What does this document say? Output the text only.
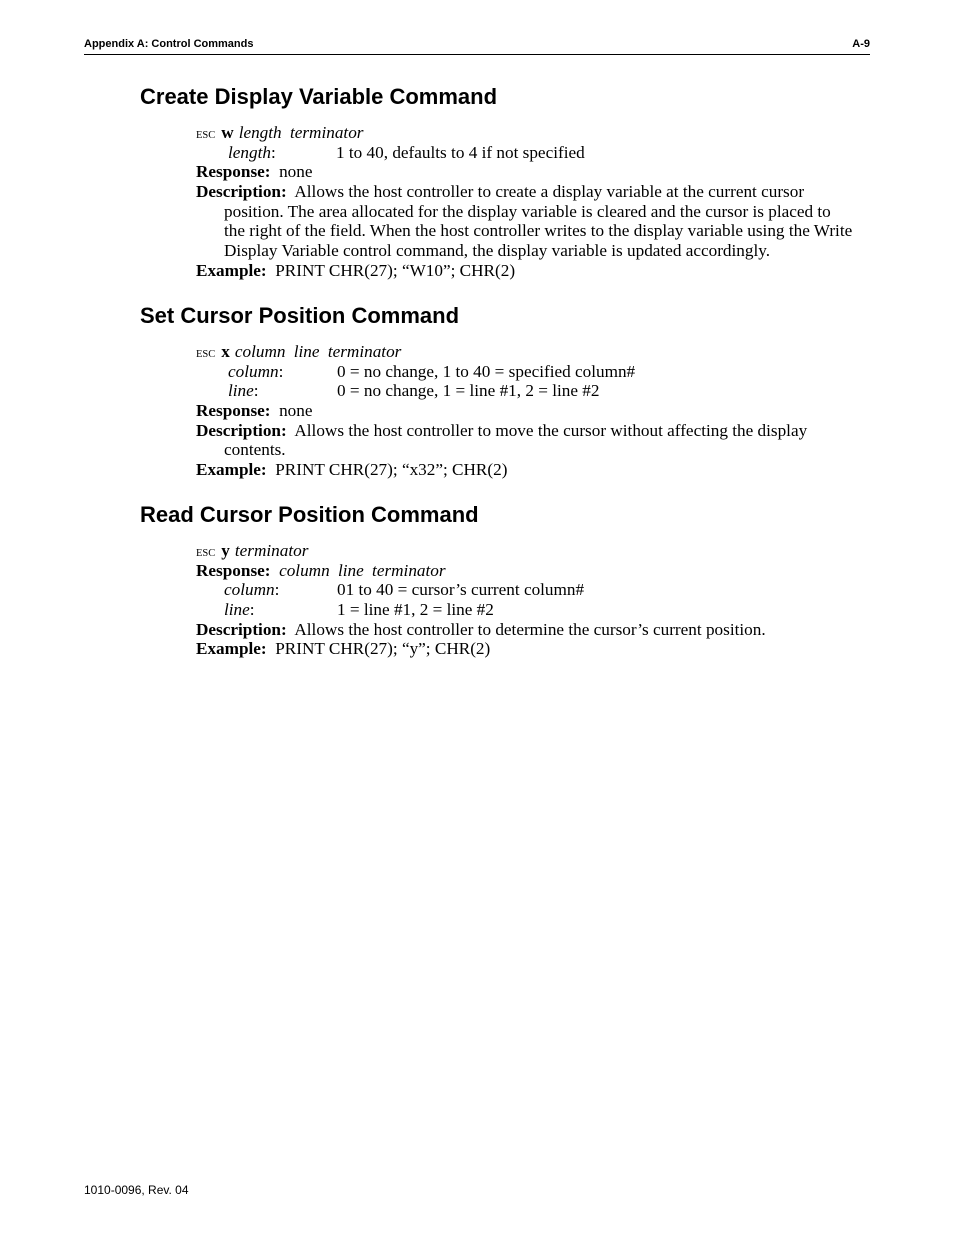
Appendix A: Control Commands	A-9
Create Display Variable Command
ESC w length terminator
length:	1 to 40, defaults to 4 if not specified
Response: none
Description: Allows the host controller to create a display variable at the current cursor position. The area allocated for the display variable is cleared and the cursor is placed to the right of the field. When the host controller writes to the display variable using the Write Display Variable control command, the display variable is updated accordingly.
Example: PRINT CHR(27); “W10”; CHR(2)
Set Cursor Position Command
ESC x column line terminator
column:	0 = no change, 1 to 40 = specified column#
line:	0 = no change, 1 = line #1, 2 = line #2
Response: none
Description: Allows the host controller to move the cursor without affecting the display contents.
Example: PRINT CHR(27); “x32”; CHR(2)
Read Cursor Position Command
ESC y terminator
Response: column line terminator
column:	01 to 40 = cursor’s current column#
line:	1 = line #1, 2 = line #2
Description: Allows the host controller to determine the cursor’s current position.
Example: PRINT CHR(27); “y”; CHR(2)
1010-0096, Rev. 04
